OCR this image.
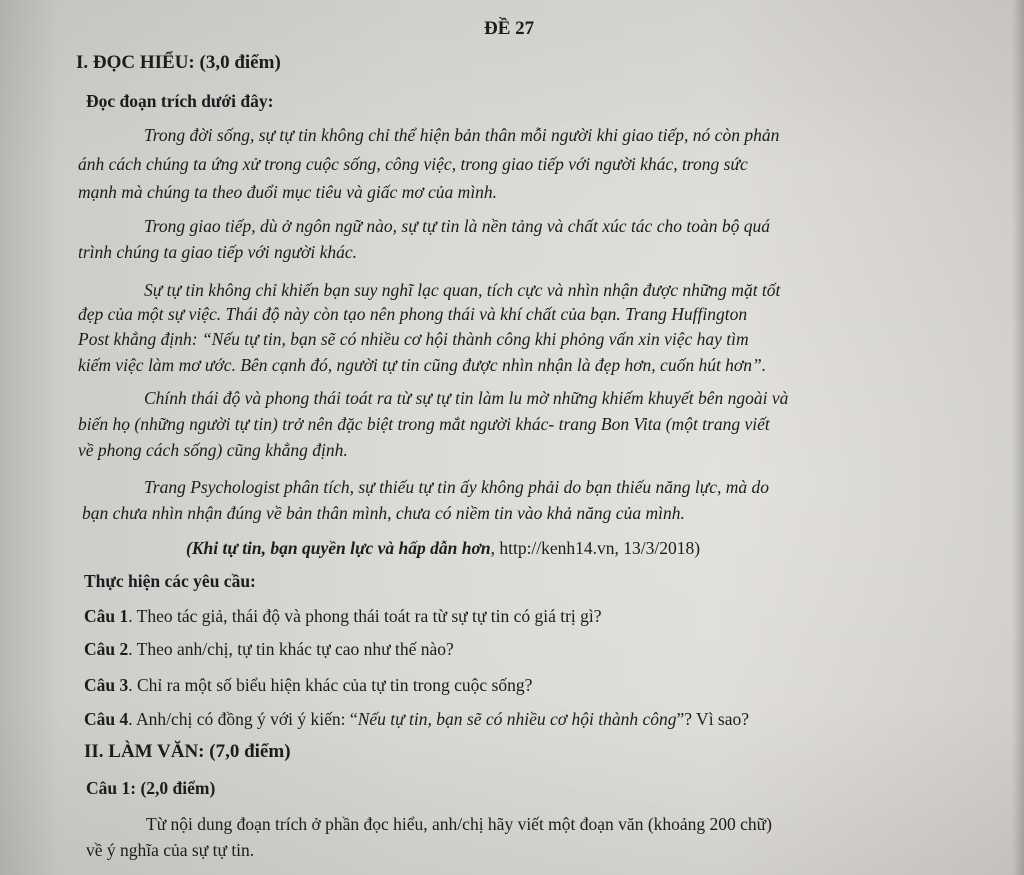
ĐỀ 27
I. ĐỌC HIỂU: (3,0 điểm)
Đọc đoạn trích dưới đây:
Trong đời sống, sự tự tin không chỉ thể hiện bản thân mỗi người khi giao tiếp, nó còn phản
ánh cách chúng ta ứng xử trong cuộc sống, công việc, trong giao tiếp với người khác, trong sức
mạnh mà chúng ta theo đuổi mục tiêu và giấc mơ của mình.
Trong giao tiếp, dù ở ngôn ngữ nào, sự tự tin là nền tảng và chất xúc tác cho toàn bộ quá
trình chúng ta giao tiếp với người khác.
Sự tự tin không chỉ khiến bạn suy nghĩ lạc quan, tích cực và nhìn nhận được những mặt tốt
đẹp của một sự việc. Thái độ này còn tạo nên phong thái và khí chất của bạn. Trang Huffington
Post khẳng định: “Nếu tự tin, bạn sẽ có nhiều cơ hội thành công khi phỏng vấn xin việc hay tìm
kiếm việc làm mơ ước. Bên cạnh đó, người tự tin cũng được nhìn nhận là đẹp hơn, cuốn hút hơn”.
Chính thái độ và phong thái toát ra từ sự tự tin làm lu mờ những khiếm khuyết bên ngoài và
biến họ (những người tự tin) trở nên đặc biệt trong mắt người khác- trang Bon Vita (một trang viết
về phong cách sống) cũng khẳng định.
Trang Psychologist phân tích, sự thiếu tự tin ấy không phải do bạn thiếu năng lực, mà do
bạn chưa nhìn nhận đúng về bản thân mình, chưa có niềm tin vào khả năng của mình.
(Khi tự tin, bạn quyền lực và hấp dẫn hơn, http://kenh14.vn, 13/3/2018)
Thực hiện các yêu cầu:
Câu 1. Theo tác giả, thái độ và phong thái toát ra từ sự tự tin có giá trị gì?
Câu 2. Theo anh/chị, tự tin khác tự cao như thế nào?
Câu 3. Chỉ ra một số biểu hiện khác của tự tin trong cuộc sống?
Câu 4. Anh/chị có đồng ý với ý kiến: “Nếu tự tin, bạn sẽ có nhiều cơ hội thành công”? Vì sao?
II. LÀM VĂN: (7,0 điểm)
Câu 1: (2,0 điểm)
Từ nội dung đoạn trích ở phần đọc hiểu, anh/chị hãy viết một đoạn văn (khoảng 200 chữ)
về ý nghĩa của sự tự tin.
